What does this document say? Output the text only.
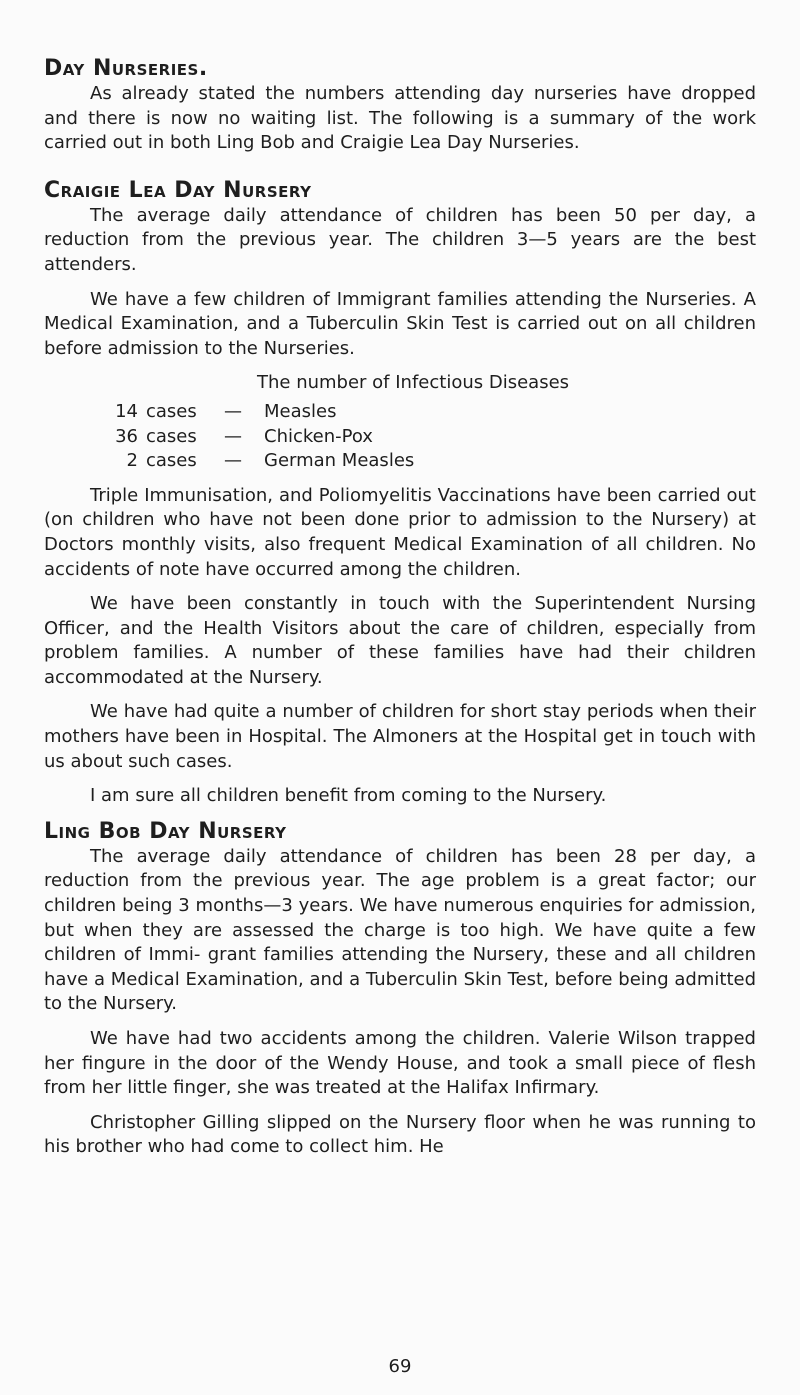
Day Nurseries.

As already stated the numbers attending day nurseries have dropped and there is now no waiting list. The following is a summary of the work carried out in both Ling Bob and Craigie Lea Day Nurseries.

Craigie Lea Day Nursery

The average daily attendance of children has been 50 per day, a reduction from the previous year. The children 3—5 years are the best attenders.

We have a few children of Immigrant families attending the Nurseries. A Medical Examination, and a Tuberculin Skin Test is carried out on all children before admission to the Nurseries.

The number of Infectious Diseases

14 cases	—	Measles
36 cases	—	Chicken-Pox
2 cases	—	German Measles

Triple Immunisation, and Poliomyelitis Vaccinations have been carried out (on children who have not been done prior to admission to the Nursery) at Doctors monthly visits, also frequent Medical Examination of all children. No accidents of note have occurred among the children.

We have been constantly in touch with the Superintendent Nursing Officer, and the Health Visitors about the care of children, especially from problem families. A number of these families have had their children accommodated at the Nursery.

We have had quite a number of children for short stay periods when their mothers have been in Hospital. The Almoners at the Hospital get in touch with us about such cases.

I am sure all children benefit from coming to the Nursery.

Ling Bob Day Nursery

The average daily attendance of children has been 28 per day, a reduction from the previous year. The age problem is a great factor; our children being 3 months—3 years. We have numerous enquiries for admission, but when they are assessed the charge is too high. We have quite a few children of Immi- grant families attending the Nursery, these and all children have a Medical Examination, and a Tuberculin Skin Test, before being admitted to the Nursery.

We have had two accidents among the children. Valerie Wilson trapped her fingure in the door of the Wendy House, and took a small piece of flesh from her little finger, she was treated at the Halifax Infirmary.

Christopher Gilling slipped on the Nursery floor when he was running to his brother who had come to collect him. He

69
